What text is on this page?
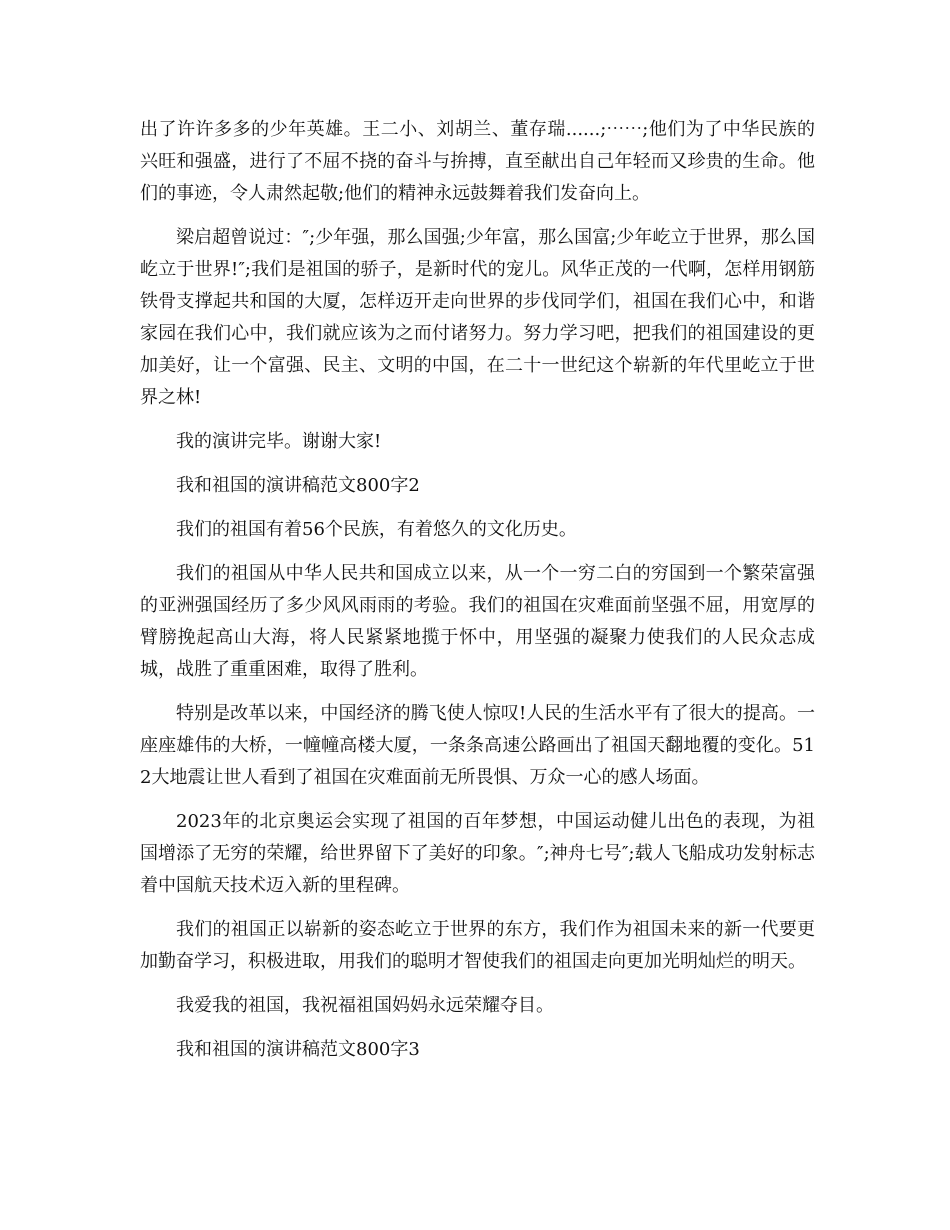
出了许许多多的少年英雄。王二小、刘胡兰、董存瑞......;⋯⋯;他们为了中华民族的兴旺和强盛，进行了不屈不挠的奋斗与拚搏，直至献出自己年轻而又珍贵的生命。他们的事迹，令人肃然起敬;他们的精神永远鼓舞着我们发奋向上。

梁启超曾说过：″;少年强，那么国强;少年富，那么国富;少年屹立于世界，那么国屹立于世界!″;我们是祖国的骄子，是新时代的宠儿。风华正茂的一代啊，怎样用钢筋铁骨支撑起共和国的大厦，怎样迈开走向世界的步伐同学们，祖国在我们心中，和谐家园在我们心中，我们就应该为之而付诸努力。努力学习吧，把我们的祖国建设的更加美好，让一个富强、民主、文明的中国，在二十一世纪这个崭新的年代里屹立于世界之林!

我的演讲完毕。谢谢大家!

我和祖国的演讲稿范文800字2

我们的祖国有着56个民族，有着悠久的文化历史。

我们的祖国从中华人民共和国成立以来，从一个一穷二白的穷国到一个繁荣富强的亚洲强国经历了多少风风雨雨的考验。我们的祖国在灾难面前坚强不屈，用宽厚的臂膀挽起高山大海，将人民紧紧地揽于怀中，用坚强的凝聚力使我们的人民众志成城，战胜了重重困难，取得了胜利。

特别是改革以来，中国经济的腾飞使人惊叹!人民的生活水平有了很大的提高。一座座雄伟的大桥，一幢幢高楼大厦，一条条高速公路画出了祖国天翻地覆的变化。512大地震让世人看到了祖国在灾难面前无所畏惧、万众一心的感人场面。

2023年的北京奥运会实现了祖国的百年梦想，中国运动健儿出色的表现，为祖国增添了无穷的荣耀，给世界留下了美好的印象。″;神舟七号″;载人飞船成功发射标志着中国航天技术迈入新的里程碑。

我们的祖国正以崭新的姿态屹立于世界的东方，我们作为祖国未来的新一代要更加勤奋学习，积极进取，用我们的聪明才智使我们的祖国走向更加光明灿烂的明天。

我爱我的祖国，我祝福祖国妈妈永远荣耀夺目。

我和祖国的演讲稿范文800字3
